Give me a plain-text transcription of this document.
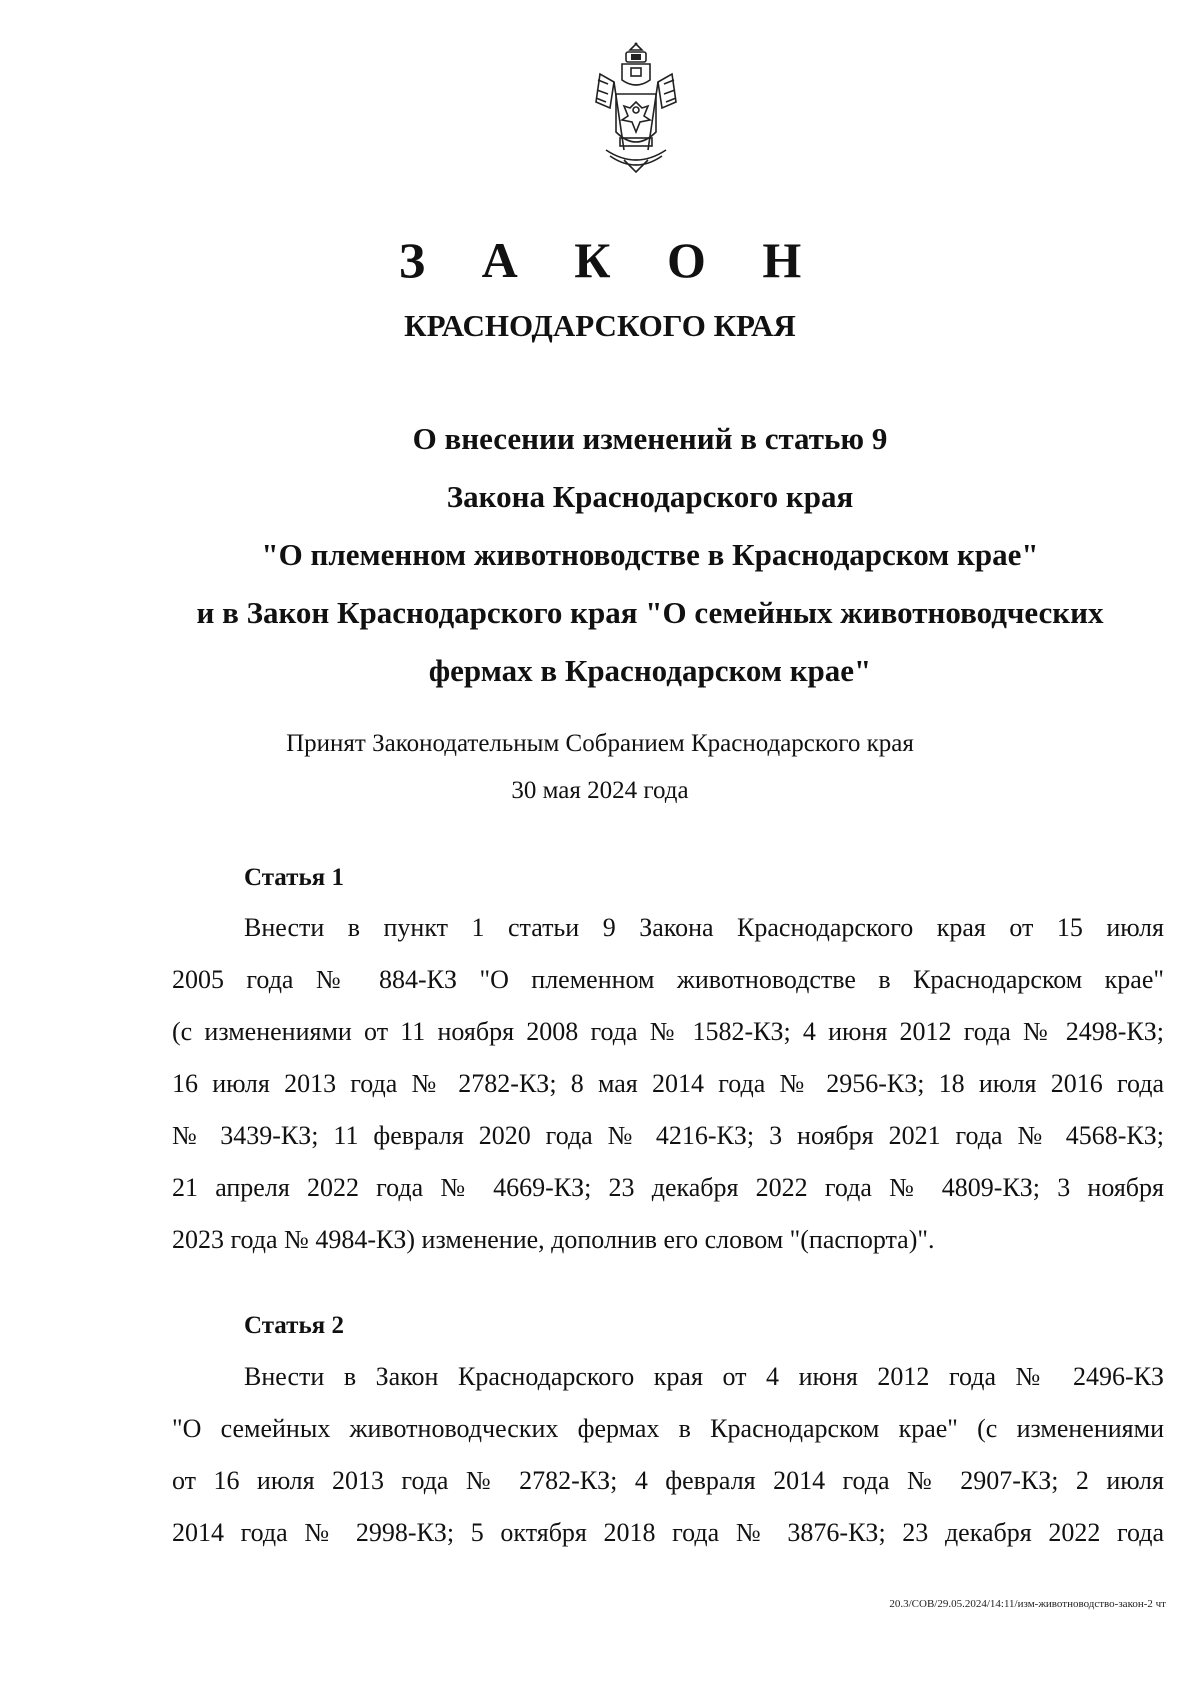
З А К О Н
КРАСНОДАРСКОГО КРАЯ
О внесении изменений в статью 9
Закона Краснодарского края
"О племенном животноводстве в Краснодарском крае"
и в Закон Краснодарского края "О семейных животноводческих
фермах в Краснодарском крае"
Принят Законодательным Собранием Краснодарского края
30 мая 2024 года
Статья 1
Внести в пункт 1 статьи 9 Закона Краснодарского края от 15 июля
2005 года № 884-КЗ "О племенном животноводстве в Краснодарском крае"
(с изменениями от 11 ноября 2008 года № 1582-КЗ; 4 июня 2012 года № 2498-КЗ;
16 июля 2013 года № 2782-КЗ; 8 мая 2014 года № 2956-КЗ; 18 июля 2016 года
№ 3439-КЗ; 11 февраля 2020 года № 4216-КЗ; 3 ноября 2021 года № 4568-КЗ;
21 апреля 2022 года № 4669-КЗ; 23 декабря 2022 года № 4809-КЗ; 3 ноября
2023 года № 4984-КЗ) изменение, дополнив его словом "(паспорта)".
Статья 2
Внести в Закон Краснодарского края от 4 июня 2012 года № 2496-КЗ
"О семейных животноводческих фермах в Краснодарском крае" (с изменениями
от 16 июля 2013 года № 2782-КЗ; 4 февраля 2014 года № 2907-КЗ; 2 июля
2014 года № 2998-КЗ; 5 октября 2018 года № 3876-КЗ; 23 декабря 2022 года
20.3/СОВ/29.05.2024/14:11/изм-животноводство-закон-2 чт
